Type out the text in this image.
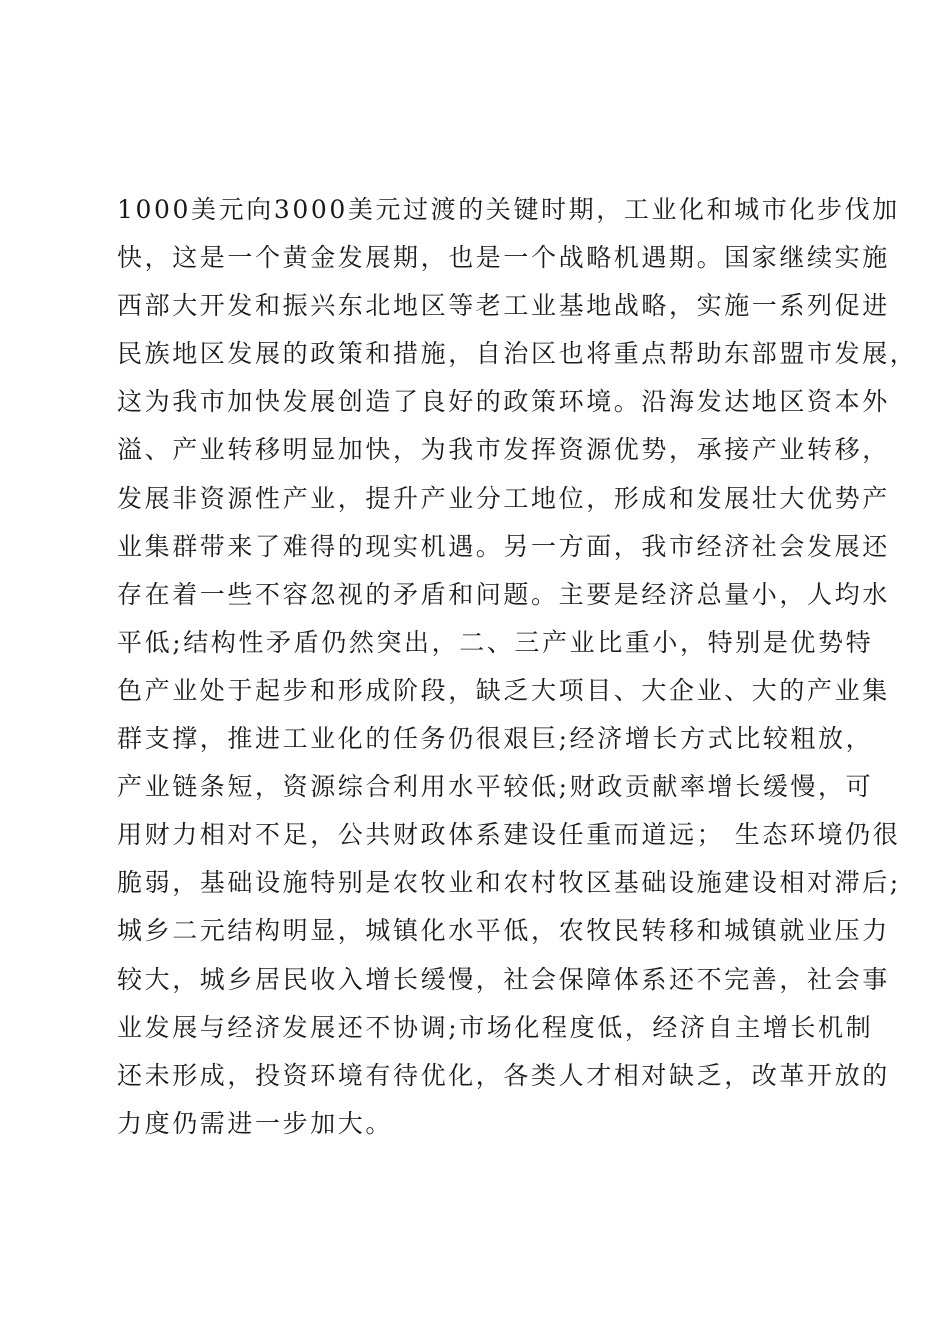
1000美元向3000美元过渡的关键时期，工业化和城市化步伐加
快，这是一个黄金发展期，也是一个战略机遇期。国家继续实施
西部大开发和振兴东北地区等老工业基地战略，实施一系列促进
民族地区发展的政策和措施，自治区也将重点帮助东部盟市发展，
这为我市加快发展创造了良好的政策环境。沿海发达地区资本外
溢、产业转移明显加快，为我市发挥资源优势，承接产业转移，
发展非资源性产业，提升产业分工地位，形成和发展壮大优势产
业集群带来了难得的现实机遇。另一方面，我市经济社会发展还
存在着一些不容忽视的矛盾和问题。主要是经济总量小，人均水
平低;结构性矛盾仍然突出，二、三产业比重小，特别是优势特
色产业处于起步和形成阶段，缺乏大项目、大企业、大的产业集
群支撑，推进工业化的任务仍很艰巨;经济增长方式比较粗放，
产业链条短，资源综合利用水平较低;财政贡献率增长缓慢，可
用财力相对不足，公共财政体系建设任重而道远； 生态环境仍很
脆弱，基础设施特别是农牧业和农村牧区基础设施建设相对滞后;
城乡二元结构明显，城镇化水平低，农牧民转移和城镇就业压力
较大，城乡居民收入增长缓慢，社会保障体系还不完善，社会事
业发展与经济发展还不协调;市场化程度低，经济自主增长机制
还未形成，投资环境有待优化，各类人才相对缺乏，改革开放的
力度仍需进一步加大。
